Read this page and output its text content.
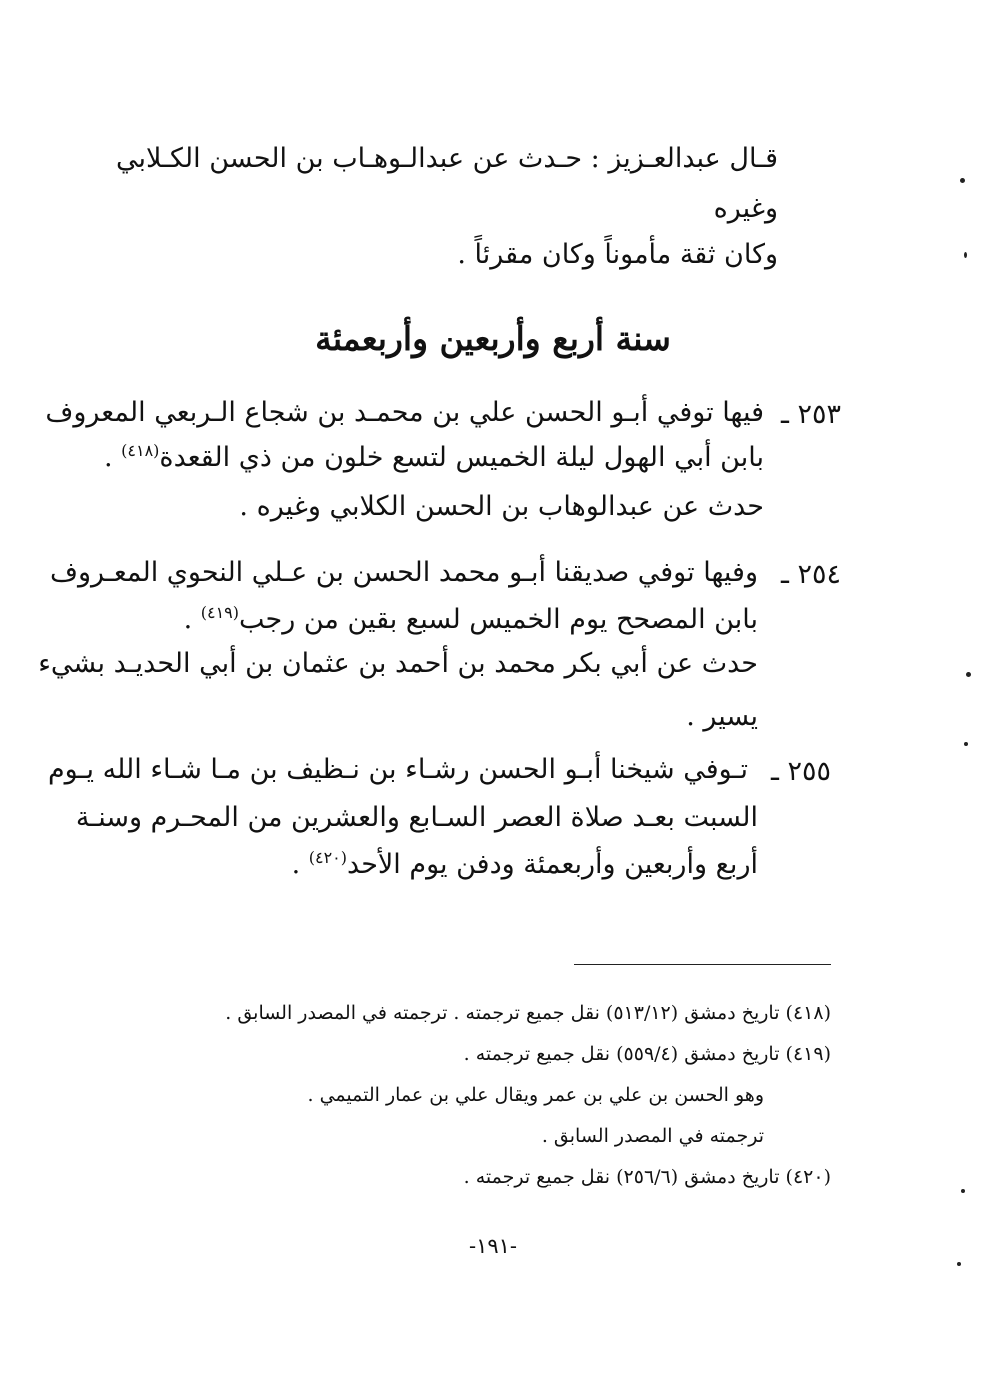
قـال عبدالعـزيز : حـدث عن عبدالـوهـاب بن الحسن الكـلابي
وغيره
وكان ثقة مأموناً وكان مقرئاً .
سنة أربع وأربعين وأربعمئة
٢٥٣ ـ
فيها توفي أبـو الحسن علي بن محمـد بن شجاع الـربعي المعروف
بابن أبي الهول ليلة الخميس لتسع خلون من ذي القعدة$^{(٤١٨)}$ .
حدث عن عبدالوهاب بن الحسن الكلابي وغيره .
٢٥٤ ـ
وفيها توفي صديقنا أبـو محمد الحسن بن عـلي النحوي المعـروف
بابن المصحح يوم الخميس لسبع بقين من رجب$^{(٤١٩)}$ .
حدث عن أبي بكر محمد بن أحمد بن عثمان بن أبي الحديـد بشيء
يسير .
٢٥٥ ـ
تـوفي شيخنا أبـو الحسن رشـاء بن نـظيف بن مـا شـاء الله يـوم
السبت بعـد صلاة العصر السـابع والعشرين من المحـرم وسنـة
أربع وأربعين وأربعمئة ودفن يوم الأحد$^{(٤٢٠)}$ .
(٤١٨) تاريخ دمشق (٥١٣/١٢) نقل جميع ترجمته . ترجمته في المصدر السابق .
(٤١٩) تاريخ دمشق (٥٥٩/٤) نقل جميع ترجمته .
وهو الحسن بن علي بن عمر ويقال علي بن عمار التميمي .
ترجمته في المصدر السابق .
(٤٢٠) تاريخ دمشق (٢٥٦/٦) نقل جميع ترجمته .
-١٩١-
